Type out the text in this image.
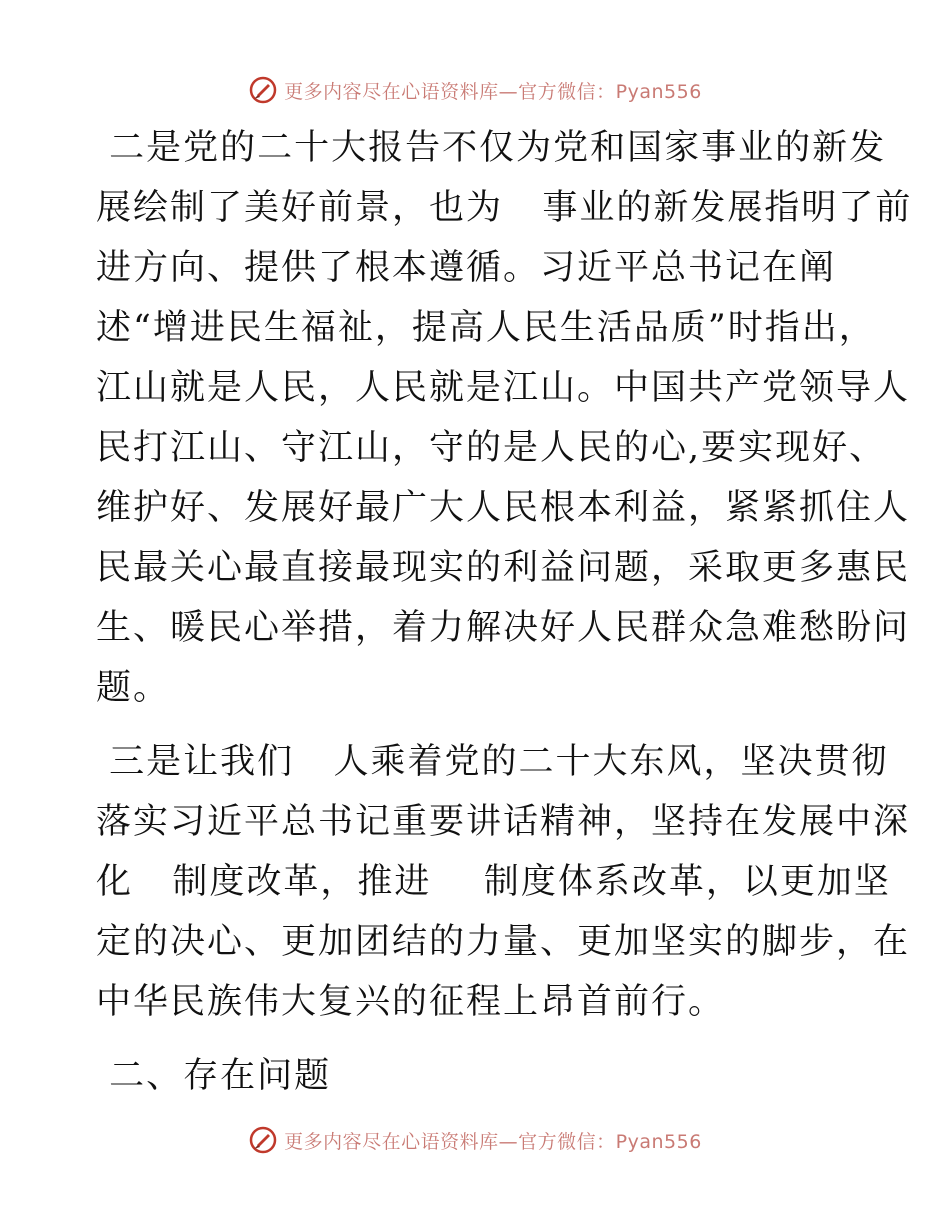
更多内容尽在心语资料库—官方微信：Pyan556
二是党的二十大报告不仅为党和国家事业的新发
展绘制了美好前景，也为   事业的新发展指明了前
进方向、提供了根本遵循。习近平总书记在阐
述“增进民生福祉，提高人民生活品质”时指出，
江山就是人民，人民就是江山。中国共产党领导人
民打江山、守江山，守的是人民的心,要实现好、
维护好、发展好最广大人民根本利益，紧紧抓住人
民最关心最直接最现实的利益问题，采取更多惠民
生、暖民心举措，着力解决好人民群众急难愁盼问
题。
三是让我们   人乘着党的二十大东风，坚决贯彻
落实习近平总书记重要讲话精神，坚持在发展中深
化   制度改革，推进    制度体系改革，以更加坚
定的决心、更加团结的力量、更加坚实的脚步，在
中华民族伟大复兴的征程上昂首前行。
二、存在问题
更多内容尽在心语资料库—官方微信：Pyan556
